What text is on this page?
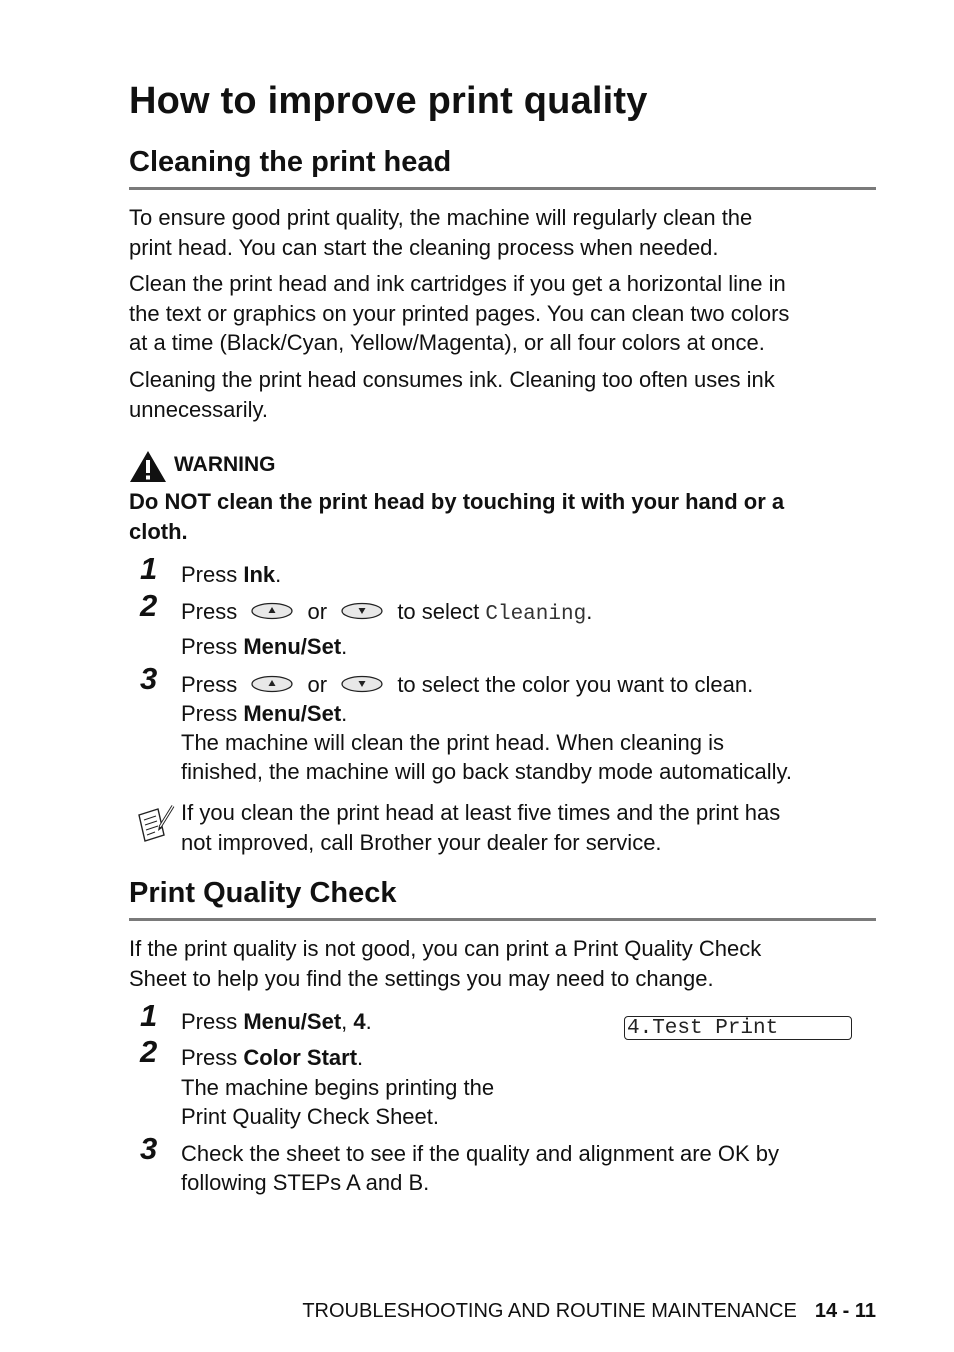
How to improve print quality
Cleaning the print head

To ensure good print quality, the machine will regularly clean the
print head. You can start the cleaning process when needed.

Clean the print head and ink cartridges if you get a horizontal line in
the text or graphics on your printed pages. You can clean two colors
at a time (Black/Cyan, Yellow/Magenta), or all four colors at once.

Cleaning the print head consumes ink. Cleaning too often uses ink
unnecessarily.

WARNING

Do NOT clean the print head by touching it with your hand or a
cloth.

1 Press Ink.
2 Press	or	to select Cleaning.
Press Menu/Set.
3 Press	or	to select the color you want to clean.
Press Menu/Set.
The machine will clean the print head. When cleaning is
finished, the machine will go back standby mode automatically.

If you clean the print head at least five times and the print has
not improved, call Brother your dealer for service.

Print Quality Check

If the print quality is not good, you can print a Print Quality Check
Sheet to help you find the settings you may need to change.

4.Test Print
1 Press Menu/Set, 4.
2 Press Color Start.
The machine begins printing the
Print Quality Check Sheet.
3 Check the sheet to see if the quality and alignment are OK by
following STEPs A and B.
TROUBLESHOOTING AND ROUTINE MAINTENANCE 14 - 11
